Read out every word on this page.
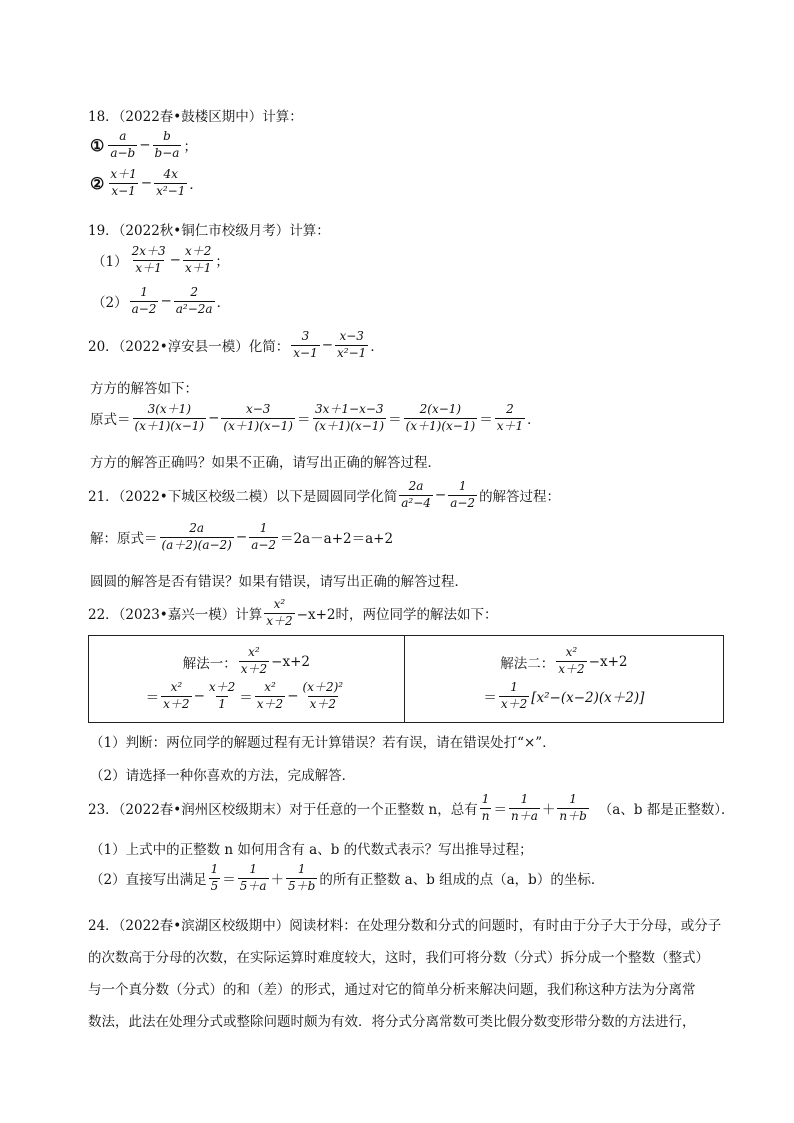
18．（2022春•鼓楼区期中）计算：
① $\frac{a}{a-b} - \frac{b}{b-a}$ ；
② $\frac{x+1}{x-1} - \frac{4x}{\text{x²−1}}$ ．
19．（2022秋•铜仁市校级月考）计算：
$(1) \frac{2x+3}{x+1} - \frac{x+2}{x+1}$ ；
$(2) \frac{1}{a-2} - \frac{2}{\text{a²−2a}}$ ．
20．（2022•淳安县一模）化简： $\frac{3}{x-1} - \frac{x-3}{\text{x²−1}}$ ．
方方的解答如下：
原式＝ $\frac{3(x+1)}{(x+1)(x-1)} - \frac{x-3}{(x+1)(x-1)} = \frac{3x+1-x-3}{(x+1)(x-1)} = \frac{2(x-1)}{(x+1)(x-1)} = \frac{2}{x+1}$ ．
方方的解答正确吗？如果不正确，请写出正确的解答过程．
21．（2022•下城区校级二模）以下是圆圆同学化简 $\frac{2a}{\text{a²−4}} - \frac{1}{a-2}$ 的解答过程：
解：原式＝ $\frac{2a}{(a+2)(a-2)} - \frac{1}{a-2} =2a-a+2=a+2$
圆圆的解答是否有错误？如果有错误，请写出正确的解答过程．
22．（2023•嘉兴一模）计算 $\frac{\text{x²}}{x+2} -x+2$时，两位同学的解法如下：
解法一： $\frac{\text{x²}}{x+2} -x+2$
＝ $\frac{\text{x²}}{x+2} - \frac{x+2}{1} = \frac{\text{x²}}{x+2} - \frac{\text{(x＋2)²}}{x+2}$

解法二： $\frac{\text{x²}}{x+2} -x+2$
＝ $\frac{1}{x+2} [x^2-(x-2)(x+2)]$
（1）判断：两位同学的解题过程有无计算错误？若有误，请在错误处打“×”．
（2）请选择一种你喜欢的方法，完成解答．
23．（2022春•润州区校级期末）对于任意的一个正整数 n，总有 $\frac{1}{n} = \frac{1}{n+a} + \frac{1}{n+b} (a$、b 都是正整数）．
（1）上式中的正整数 n 如何用含有 a、b 的代数式表示？写出推导过程；
（2）直接写出满足 $\frac{1}{5} = \frac{1}{5+a} + \frac{1}{5+b}$ 的所有正整数 a、b 组成的点（a，b）的坐标．
24．（2022春•滨湖区校级期中）阅读材料：在处理分数和分式的问题时，有时由于分子大于分母，或分子
的次数高于分母的次数，在实际运算时难度较大，这时，我们可将分数（分式）拆分成一个整数（整式）
与一个真分数（分式）的和（差）的形式，通过对它的简单分析来解决问题，我们称这种方法为分离常
数法，此法在处理分式或整除问题时颇为有效．将分式分离常数可类比假分数变形带分数的方法进行，
